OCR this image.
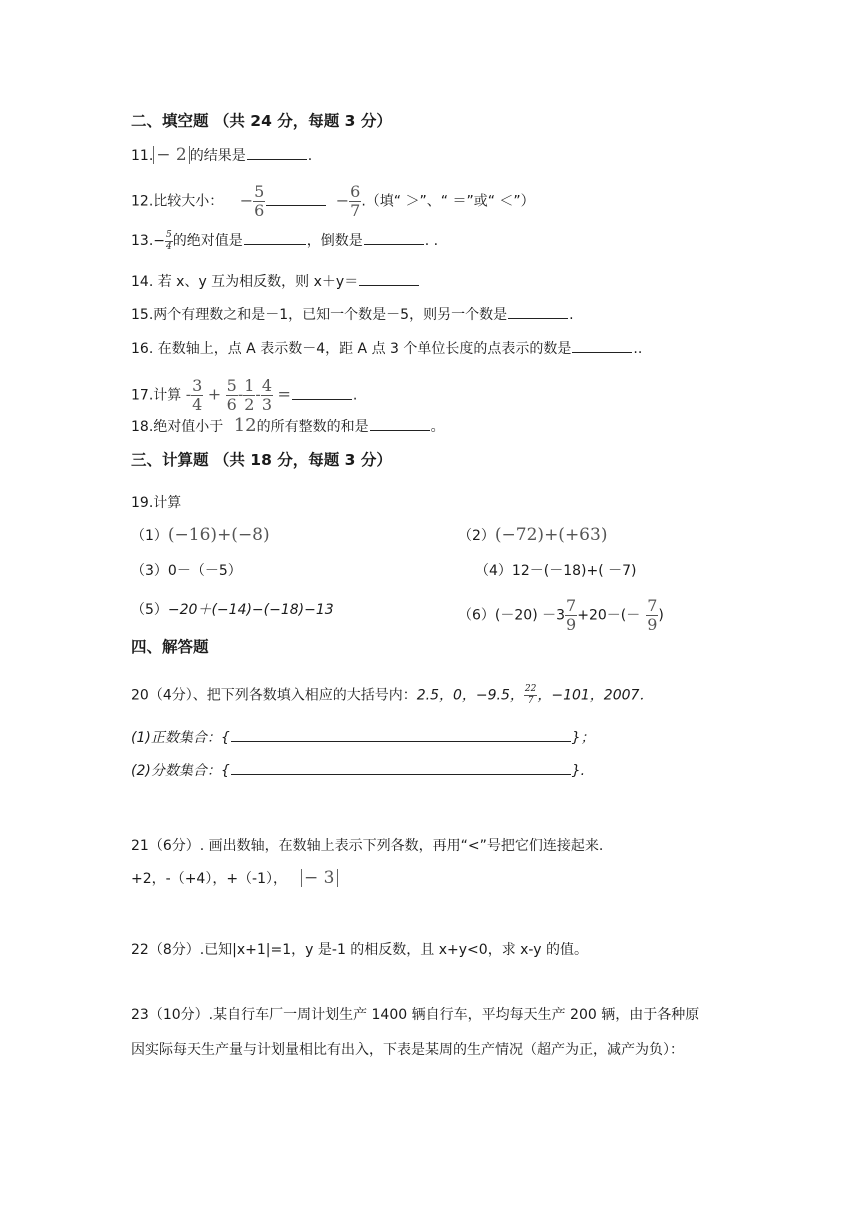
二、填空题 （共 24 分，每题 3 分）
11. − 2 的结果是	.
12.比较大小： − $\frac{5}{6}$	− $\frac{6}{7}$ .（填“ ＞”、“ ＝”或“ ＜”）
$13.- \frac{5}{4}$ 的绝对值是	，倒数是	. .
14. 若 x、y 互为相反数，则 x＋y＝
15.两个有理数之和是－1，已知一个数是－5，则另一个数是	.
16. 在数轴上，点 A 表示数－4，距 A 点 3 个单位长度的点表示的数是	..
17.计算 - $\frac{3}{4} + \frac{5}{6} - \frac{1}{2} - \frac{4}{3}$ =	.
18.绝对值小于 12的所有整数的和是	。
三、计算题 （共 18 分，每题 3 分）
19.计算
（1）(−16)+(−8)	（2）(−72)+(+63)
（3）0－（－5）	（4）12－(－18)+( －7)
（5）−20＋(−14)−(−18)−13	$(6)(-20) -3 \frac{7}{9} +20-(- \frac{7}{9}$ )
四、解答题
20（4分）、把下列各数填入相应的大括号内：2.5，0，−9.5， $\frac{22}{7}$ ，−101，2007．
(1)正数集合：{	}；
(2)分数集合：{	}.
21（6分）. 画出数轴，在数轴上表示下列各数，再用“<”号把它们连接起来.
+2，-（+4），+（-1）， − 3
22（8分）.已知|x+1|=1，y 是-1 的相反数，且 x+y<0，求 x-y 的值。
23（10分）.某自行车厂一周计划生产 1400 辆自行车，平均每天生产 200 辆，由于各种原
因实际每天生产量与计划量相比有出入，下表是某周的生产情况（超产为正，减产为负）：
